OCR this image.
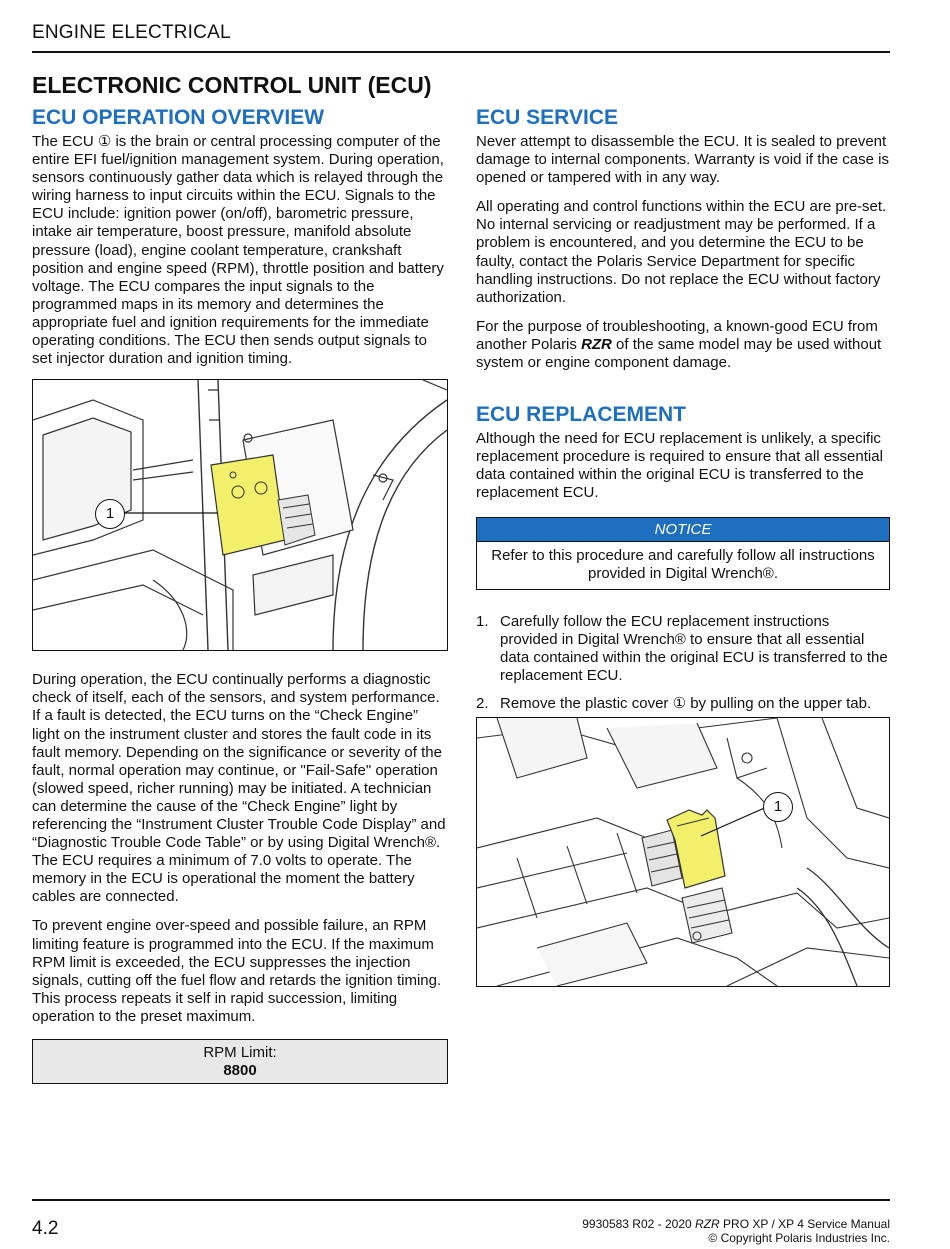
ENGINE ELECTRICAL
ELECTRONIC CONTROL UNIT (ECU)
ECU OPERATION OVERVIEW

The ECU ① is the brain or central processing computer of the entire EFI fuel/ignition management system. During operation, sensors continuously gather data which is relayed through the wiring harness to input circuits within the ECU. Signals to the ECU include: ignition power (on/off), barometric pressure, intake air temperature, boost pressure, manifold absolute pressure (load), engine coolant temperature, crankshaft position and engine speed (RPM), throttle position and battery voltage. The ECU compares the input signals to the programmed maps in its memory and determines the appropriate fuel and ignition requirements for the immediate operating conditions. The ECU then sends output signals to set injector duration and ignition timing.

1

During operation, the ECU continually performs a diagnostic check of itself, each of the sensors, and system performance. If a fault is detected, the ECU turns on the “Check Engine” light on the instrument cluster and stores the fault code in its fault memory. Depending on the significance or severity of the fault, normal operation may continue, or "Fail-Safe" operation (slowed speed, richer running) may be initiated. A technician can determine the cause of the “Check Engine” light by referencing the “Instrument Cluster Trouble Code Display” and “Diagnostic Trouble Code Table” or by using Digital Wrench®. The ECU requires a minimum of 7.0 volts to operate. The memory in the ECU is operational the moment the battery cables are connected.

To prevent engine over-speed and possible failure, an RPM limiting feature is programmed into the ECU. If the maximum RPM limit is exceeded, the ECU suppresses the injection signals, cutting off the fuel flow and retards the ignition timing. This process repeats it self in rapid succession, limiting operation to the preset maximum.

RPM Limit:
8800
ECU SERVICE

Never attempt to disassemble the ECU. It is sealed to prevent damage to internal components. Warranty is void if the case is opened or tampered with in any way.

All operating and control functions within the ECU are pre-set. No internal servicing or readjustment may be performed. If a problem is encountered, and you determine the ECU to be faulty, contact the Polaris Service Department for specific handling instructions. Do not replace the ECU without factory authorization.

For the purpose of troubleshooting, a known-good ECU from another Polaris RZR of the same model may be used without system or engine component damage.

ECU REPLACEMENT

Although the need for ECU replacement is unlikely, a specific replacement procedure is required to ensure that all essential data contained within the original ECU is transferred to the replacement ECU.

NOTICE
Refer to this procedure and carefully follow all instructions provided in Digital Wrench®.
1. Carefully follow the ECU replacement instructions provided in Digital Wrench® to ensure that all essential data contained within the original ECU is transferred to the replacement ECU.
2. Remove the plastic cover ① by pulling on the upper tab.
1
4.2	9930583 R02 - 2020 RZR PRO XP / XP 4 Service Manual
© Copyright Polaris Industries Inc.
